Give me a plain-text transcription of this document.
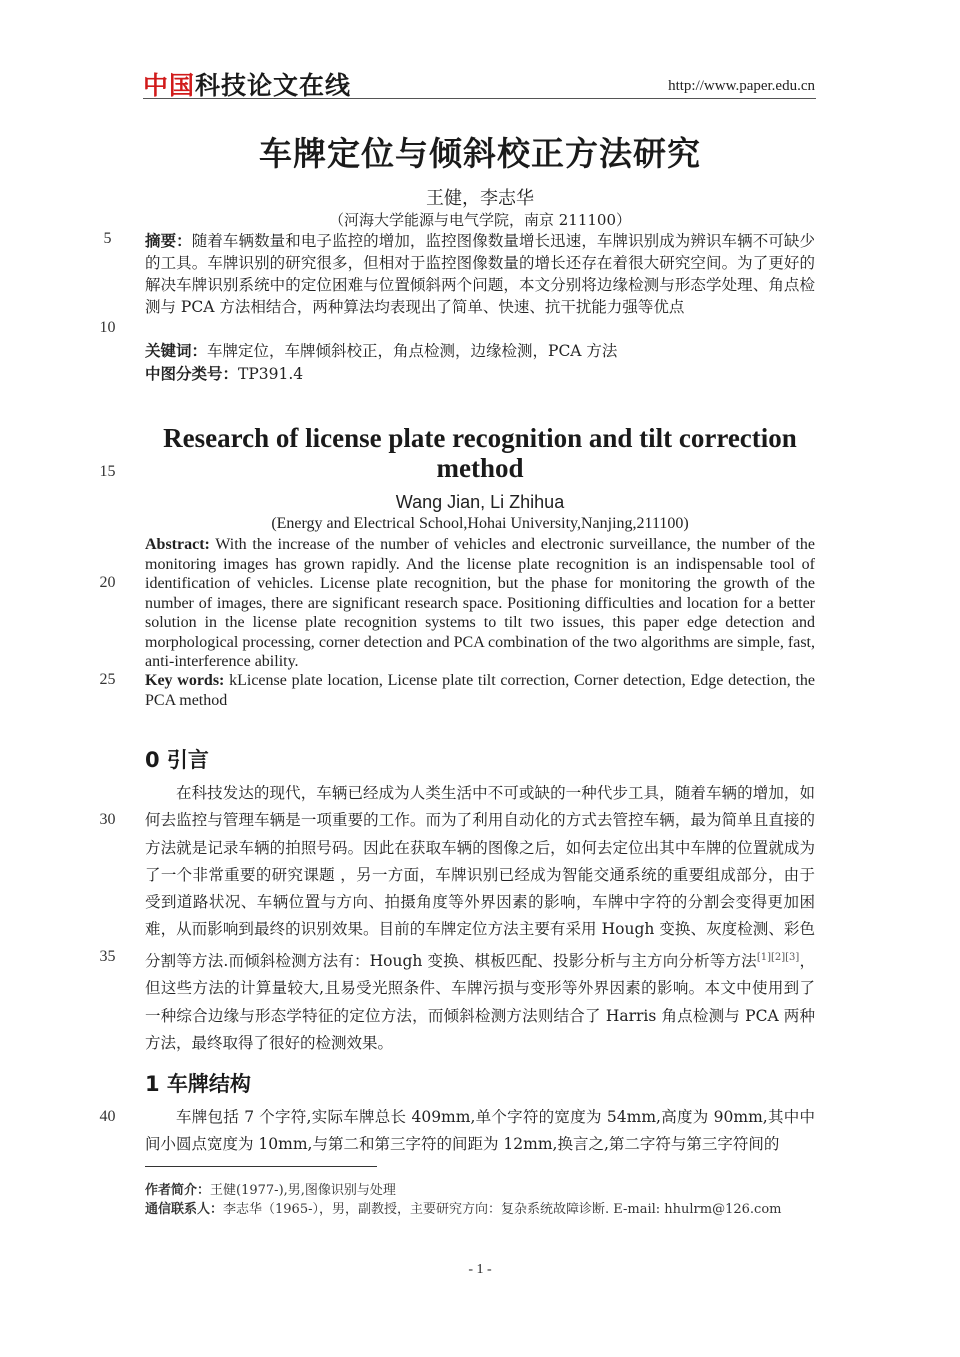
中国科技论文在线	http://www.paper.edu.cn
车牌定位与倾斜校正方法研究
王健，李志华
（河海大学能源与电气学院，南京 211100）
摘要：随着车辆数量和电子监控的增加，监控图像数量增长迅速，车牌识别成为辨识车辆不可缺少的工具。车牌识别的研究很多，但相对于监控图像数量的增长还存在着很大研究空间。为了更好的解决车牌识别系统中的定位困难与位置倾斜两个问题，本文分别将边缘检测与形态学处理、角点检测与 PCA 方法相结合，两种算法均表现出了简单、快速、抗干扰能力强等优点
关键词：车牌定位，车牌倾斜校正，角点检测，边缘检测，PCA 方法
中图分类号：TP391.4
Research of license plate recognition and tilt correction method
Wang Jian, Li Zhihua
(Energy and Electrical School,Hohai University,Nanjing,211100)
Abstract: With the increase of the number of vehicles and electronic surveillance, the number of the monitoring images has grown rapidly. And the license plate recognition is an indispensable tool of identification of vehicles. License plate recognition, but the phase for monitoring the growth of the number of images, there are significant research space. Positioning difficulties and location for a better solution in the license plate recognition systems to tilt two issues, this paper edge detection and morphological processing, corner detection and PCA combination of the two algorithms are simple, fast, anti-interference ability.
Key words: kLicense plate location, License plate tilt correction, Corner detection, Edge detection, the PCA method
0 引言
在科技发达的现代，车辆已经成为人类生活中不可或缺的一种代步工具，随着车辆的增加，如何去监控与管理车辆是一项重要的工作。而为了利用自动化的方式去管控车辆，最为简单且直接的方法就是记录车辆的拍照号码。因此在获取车辆的图像之后，如何去定位出其中车牌的位置就成为了一个非常重要的研究课题 ，另一方面，车牌识别已经成为智能交通系统的重要组成部分，由于受到道路状况、车辆位置与方向、拍摄角度等外界因素的影响，车牌中字符的分割会变得更加困难，从而影响到最终的识别效果。目前的车牌定位方法主要有采用 Hough 变换、灰度检测、彩色分割等方法.而倾斜检测方法有：Hough 变换、棋板匹配、投影分析与主方向分析等方法[1][2][3]，但这些方法的计算量较大,且易受光照条件、车牌污损与变形等外界因素的影响。本文中使用到了一种综合边缘与形态学特征的定位方法，而倾斜检测方法则结合了 Harris 角点检测与 PCA 两种方法，最终取得了很好的检测效果。
1 车牌结构
车牌包括 7 个字符,实际车牌总长 409mm,单个字符的宽度为 54mm,高度为 90mm,其中中间小圆点宽度为 10mm,与第二和第三字符的间距为 12mm,换言之,第二字符与第三字符间的
作者简介：王健(1977-),男,图像识别与处理
通信联系人：李志华（1965-），男，副教授，主要研究方向：复杂系统故障诊断. E-mail: hhulrm@126.com
- 1 -
5
10
15
20
25
30
35
40
